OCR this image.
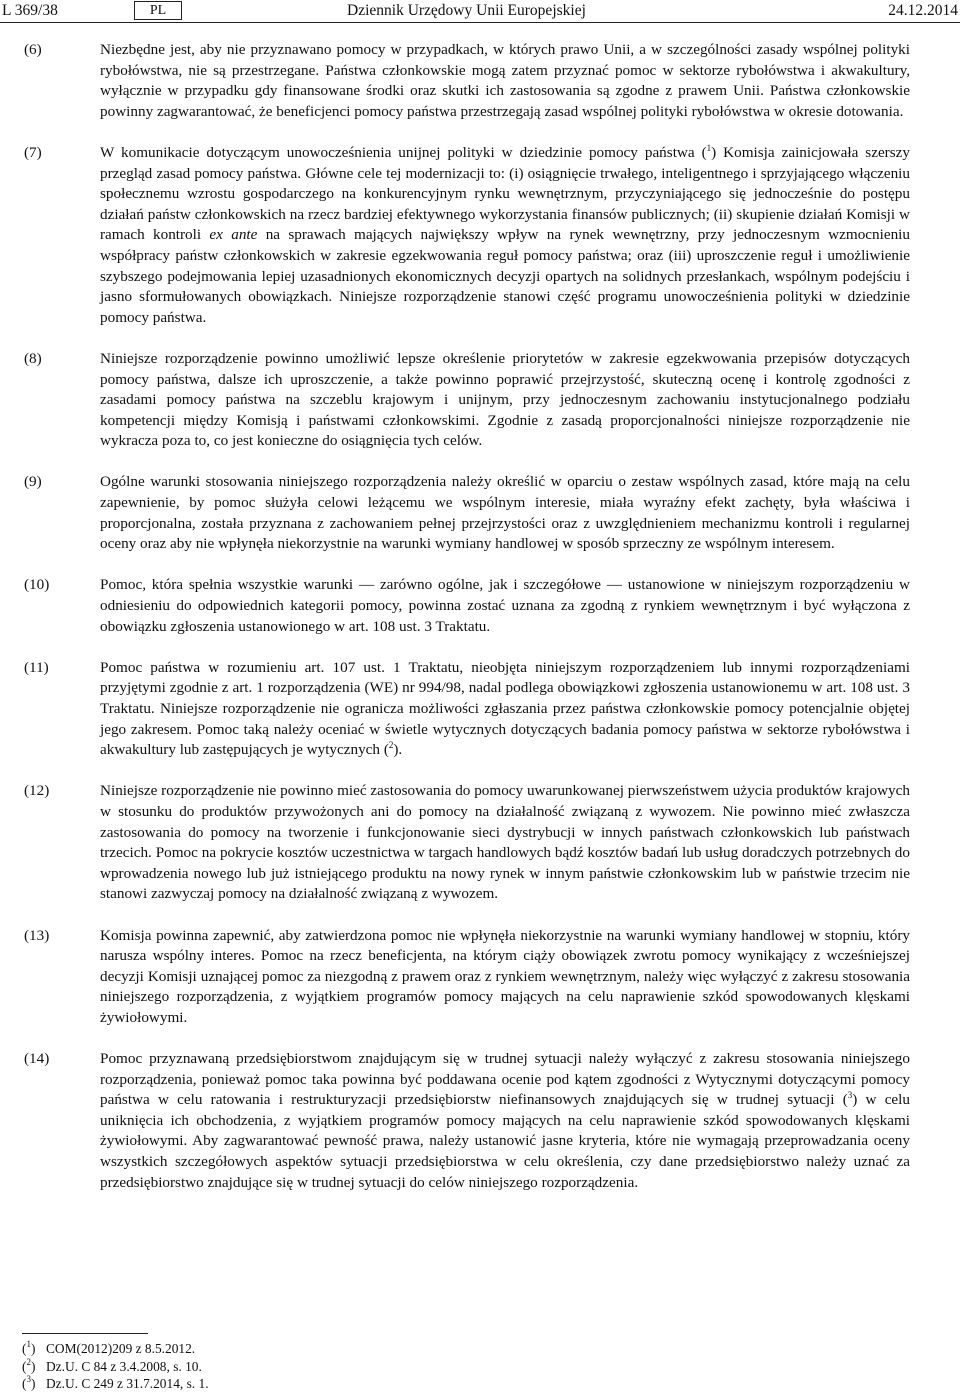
L 369/38	PL	Dziennik Urzędowy Unii Europejskiej	24.12.2014
(6)	Niezbędne jest, aby nie przyznawano pomocy w przypadkach, w których prawo Unii, a w szczególności zasady wspólnej polityki rybołówstwa, nie są przestrzegane. Państwa członkowskie mogą zatem przyznać pomoc w sektorze rybołówstwa i akwakultury, wyłącznie w przypadku gdy finansowane środki oraz skutki ich zastosowania są zgodne z prawem Unii. Państwa członkowskie powinny zagwarantować, że beneficjenci pomocy państwa przestrzegają zasad wspólnej polityki rybołówstwa w okresie dotowania.
(7)	W komunikacie dotyczącym unowocześnienia unijnej polityki w dziedzinie pomocy państwa ($^1$) Komisja zainicjowała szerszy przegląd zasad pomocy państwa. Główne cele tej modernizacji to: (i) osiągnięcie trwałego, inteligentnego i sprzyjającego włączeniu społecznemu wzrostu gospodarczego na konkurencyjnym rynku wewnętrznym, przyczyniającego się jednocześnie do postępu działań państw członkowskich na rzecz bardziej efektywnego wykorzystania finansów publicznych; (ii) skupienie działań Komisji w ramach kontroli ex ante na sprawach mających największy wpływ na rynek wewnętrzny, przy jednoczesnym wzmocnieniu współpracy państw członkowskich w zakresie egzekwowania reguł pomocy państwa; oraz (iii) uproszczenie reguł i umożliwienie szybszego podejmowania lepiej uzasadnionych ekonomicznych decyzji opartych na solidnych przesłankach, wspólnym podejściu i jasno sformułowanych obowiązkach. Niniejsze rozporządzenie stanowi część programu unowocześnienia polityki w dziedzinie pomocy państwa.
(8)	Niniejsze rozporządzenie powinno umożliwić lepsze określenie priorytetów w zakresie egzekwowania przepisów dotyczących pomocy państwa, dalsze ich uproszczenie, a także powinno poprawić przejrzystość, skuteczną ocenę i kontrolę zgodności z zasadami pomocy państwa na szczeblu krajowym i unijnym, przy jednoczesnym zachowaniu instytucjonalnego podziału kompetencji między Komisją i państwami członkowskimi. Zgodnie z zasadą proporcjonalności niniejsze rozporządzenie nie wykracza poza to, co jest konieczne do osiągnięcia tych celów.
(9)	Ogólne warunki stosowania niniejszego rozporządzenia należy określić w oparciu o zestaw wspólnych zasad, które mają na celu zapewnienie, by pomoc służyła celowi leżącemu we wspólnym interesie, miała wyraźny efekt zachęty, była właściwa i proporcjonalna, została przyznana z zachowaniem pełnej przejrzystości oraz z uwzględnieniem mechanizmu kontroli i regularnej oceny oraz aby nie wpłynęła niekorzystnie na warunki wymiany handlowej w sposób sprzeczny ze wspólnym interesem.
(10)	Pomoc, która spełnia wszystkie warunki — zarówno ogólne, jak i szczegółowe — ustanowione w niniejszym rozporządzeniu w odniesieniu do odpowiednich kategorii pomocy, powinna zostać uznana za zgodną z rynkiem wewnętrznym i być wyłączona z obowiązku zgłoszenia ustanowionego w art. 108 ust. 3 Traktatu.
(11)	Pomoc państwa w rozumieniu art. 107 ust. 1 Traktatu, nieobjęta niniejszym rozporządzeniem lub innymi rozporządzeniami przyjętymi zgodnie z art. 1 rozporządzenia (WE) nr 994/98, nadal podlega obowiązkowi zgłoszenia ustanowionemu w art. 108 ust. 3 Traktatu. Niniejsze rozporządzenie nie ogranicza możliwości zgłaszania przez państwa członkowskie pomocy potencjalnie objętej jego zakresem. Pomoc taką należy oceniać w świetle wytycznych dotyczących badania pomocy państwa w sektorze rybołówstwa i akwakultury lub zastępujących je wytycznych ($^2$).
(12)	Niniejsze rozporządzenie nie powinno mieć zastosowania do pomocy uwarunkowanej pierwszeństwem użycia produktów krajowych w stosunku do produktów przywożonych ani do pomocy na działalność związaną z wywozem. Nie powinno mieć zwłaszcza zastosowania do pomocy na tworzenie i funkcjonowanie sieci dystrybucji w innych państwach członkowskich lub państwach trzecich. Pomoc na pokrycie kosztów uczestnictwa w targach handlowych bądź kosztów badań lub usług doradczych potrzebnych do wprowadzenia nowego lub już istniejącego produktu na nowy rynek w innym państwie członkowskim lub w państwie trzecim nie stanowi zazwyczaj pomocy na działalność związaną z wywozem.
(13)	Komisja powinna zapewnić, aby zatwierdzona pomoc nie wpłynęła niekorzystnie na warunki wymiany handlowej w stopniu, który narusza wspólny interes. Pomoc na rzecz beneficjenta, na którym ciąży obowiązek zwrotu pomocy wynikający z wcześniejszej decyzji Komisji uznającej pomoc za niezgodną z prawem oraz z rynkiem wewnętrznym, należy więc wyłączyć z zakresu stosowania niniejszego rozporządzenia, z wyjątkiem programów pomocy mających na celu naprawienie szkód spowodowanych klęskami żywiołowymi.
(14)	Pomoc przyznawaną przedsiębiorstwom znajdującym się w trudnej sytuacji należy wyłączyć z zakresu stosowania niniejszego rozporządzenia, ponieważ pomoc taka powinna być poddawana ocenie pod kątem zgodności z Wytycznymi dotyczącymi pomocy państwa w celu ratowania i restrukturyzacji przedsiębiorstw niefinansowych znajdujących się w trudnej sytuacji ($^3$) w celu uniknięcia ich obchodzenia, z wyjątkiem programów pomocy mających na celu naprawienie szkód spowodowanych klęskami żywiołowymi. Aby zagwarantować pewność prawa, należy ustanowić jasne kryteria, które nie wymagają przeprowadzania oceny wszystkich szczegółowych aspektów sytuacji przedsiębiorstwa w celu określenia, czy dane przedsiębiorstwo należy uznać za przedsiębiorstwo znajdujące się w trudnej sytuacji do celów niniejszego rozporządzenia.
($^1$) COM(2012)209 z 8.5.2012.
($^2$) Dz.U. C 84 z 3.4.2008, s. 10.
($^3$) Dz.U. C 249 z 31.7.2014, s. 1.
